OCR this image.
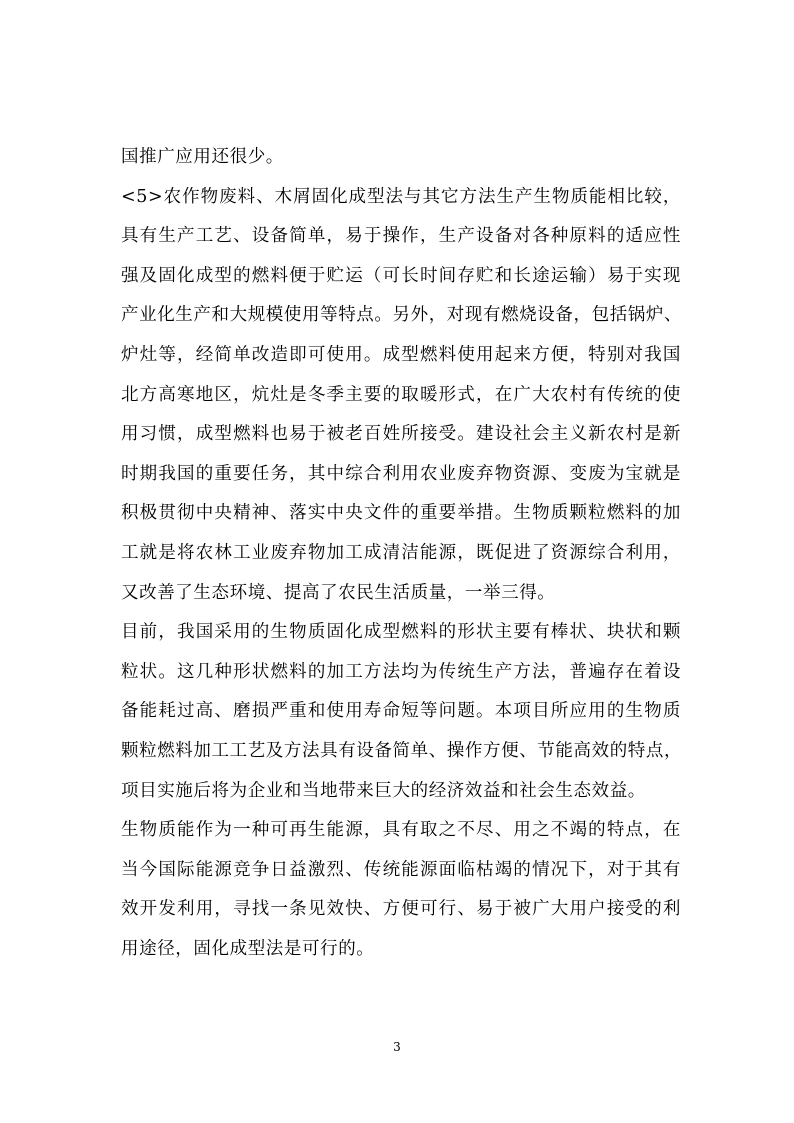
国推广应用还很少。
<5>农作物废料、木屑固化成型法与其它方法生产生物质能相比较，
具有生产工艺、设备简单，易于操作，生产设备对各种原料的适应性
强及固化成型的燃料便于贮运（可长时间存贮和长途运输）易于实现
产业化生产和大规模使用等特点。另外，对现有燃烧设备，包括锅炉、
炉灶等，经简单改造即可使用。成型燃料使用起来方便，特别对我国
北方高寒地区，炕灶是冬季主要的取暖形式，在广大农村有传统的使
用习惯，成型燃料也易于被老百姓所接受。建设社会主义新农村是新
时期我国的重要任务，其中综合利用农业废弃物资源、变废为宝就是
积极贯彻中央精神、落实中央文件的重要举措。生物质颗粒燃料的加
工就是将农林工业废弃物加工成清洁能源，既促进了资源综合利用，
又改善了生态环境、提高了农民生活质量，一举三得。
目前，我国采用的生物质固化成型燃料的形状主要有棒状、块状和颗
粒状。这几种形状燃料的加工方法均为传统生产方法，普遍存在着设
备能耗过高、磨损严重和使用寿命短等问题。本项目所应用的生物质
颗粒燃料加工工艺及方法具有设备简单、操作方便、节能高效的特点，
项目实施后将为企业和当地带来巨大的经济效益和社会生态效益。
生物质能作为一种可再生能源，具有取之不尽、用之不竭的特点，在
当今国际能源竞争日益激烈、传统能源面临枯竭的情况下，对于其有
效开发利用，寻找一条见效快、方便可行、易于被广大用户接受的利
用途径，固化成型法是可行的。
3
